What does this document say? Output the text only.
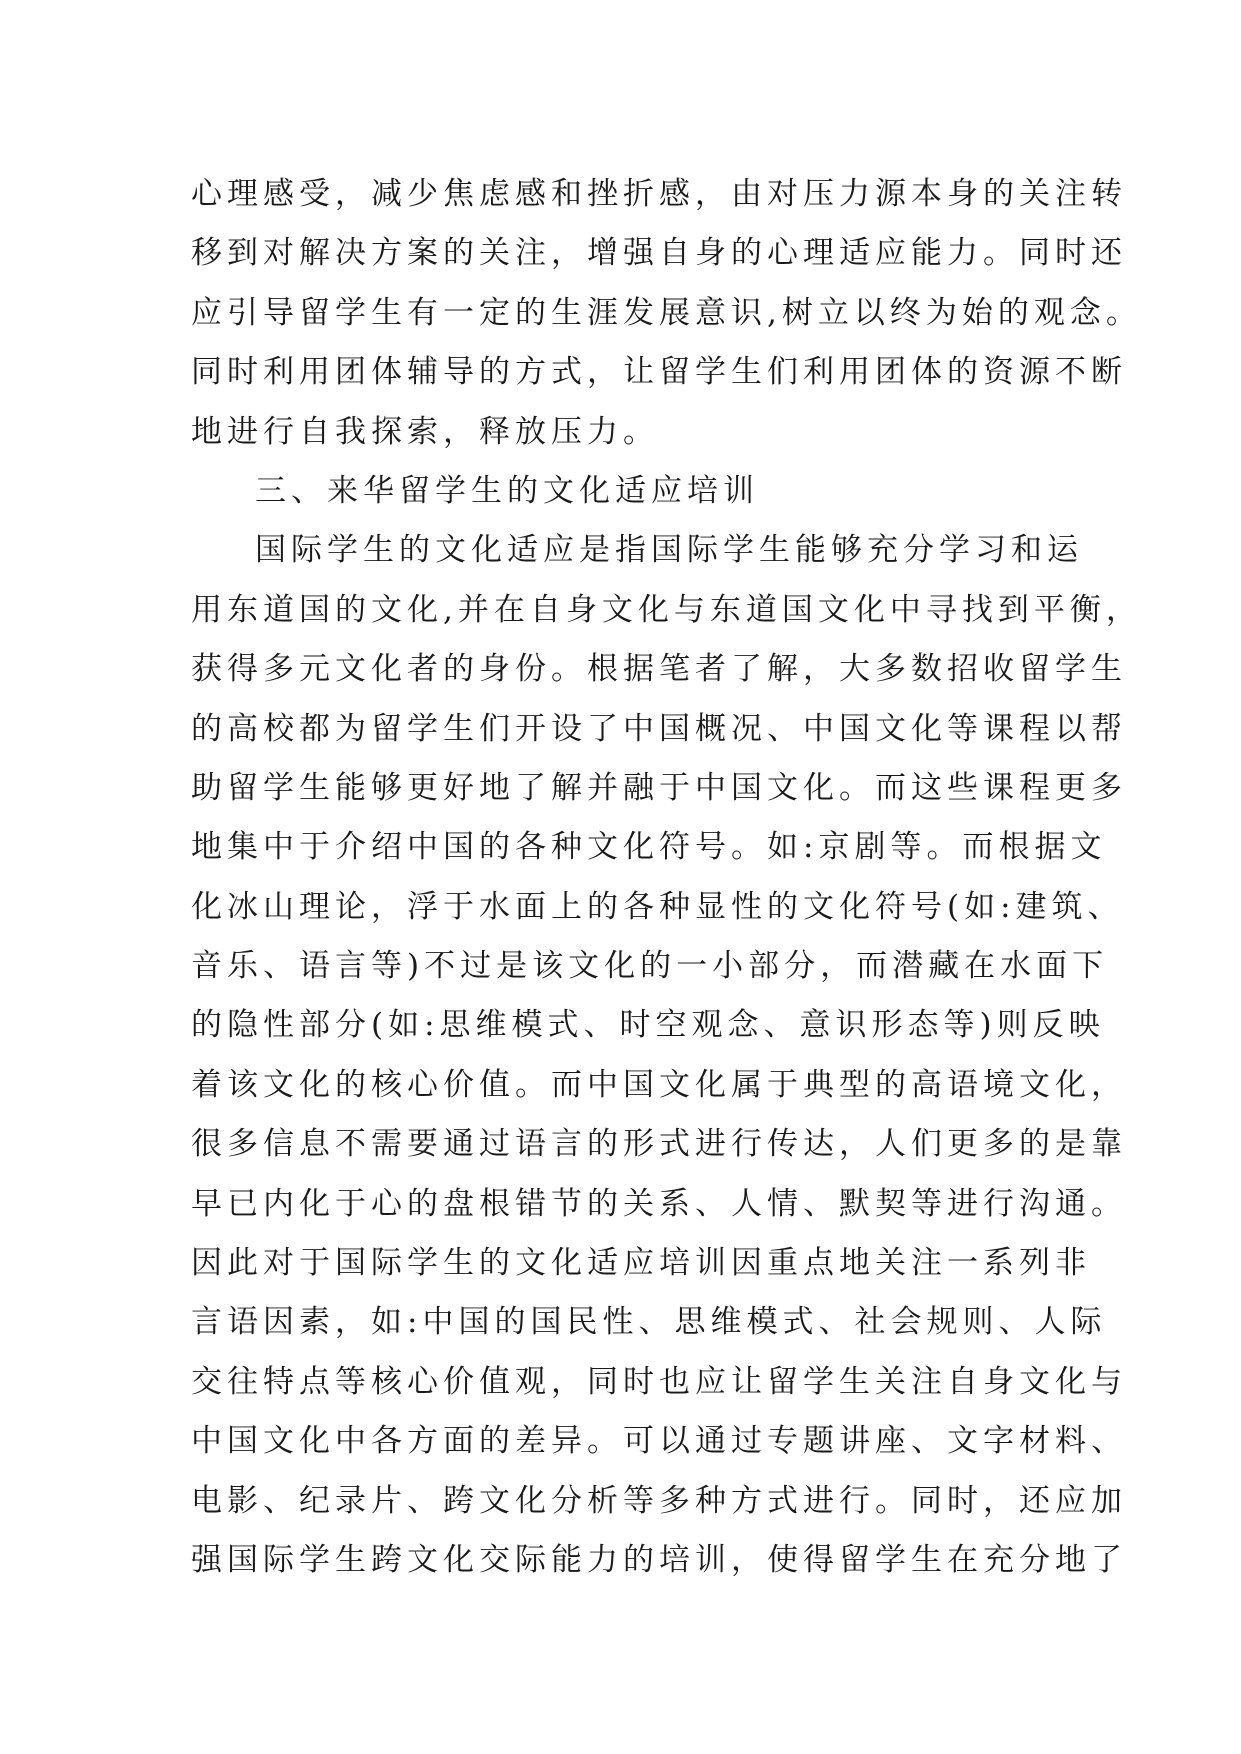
心理感受，减少焦虑感和挫折感，由对压力源本身的关注转
移到对解决方案的关注，增强自身的心理适应能力。同时还
应引导留学生有一定的生涯发展意识,树立以终为始的观念。
同时利用团体辅导的方式，让留学生们利用团体的资源不断
地进行自我探索，释放压力。
三、来华留学生的文化适应培训
国际学生的文化适应是指国际学生能够充分学习和运
用东道国的文化,并在自身文化与东道国文化中寻找到平衡，
获得多元文化者的身份。根据笔者了解，大多数招收留学生
的高校都为留学生们开设了中国概况、中国文化等课程以帮
助留学生能够更好地了解并融于中国文化。而这些课程更多
地集中于介绍中国的各种文化符号。如:京剧等。而根据文
化冰山理论，浮于水面上的各种显性的文化符号(如:建筑、
音乐、语言等)不过是该文化的一小部分，而潜藏在水面下
的隐性部分(如:思维模式、时空观念、意识形态等)则反映
着该文化的核心价值。而中国文化属于典型的高语境文化，
很多信息不需要通过语言的形式进行传达，人们更多的是靠
早已内化于心的盘根错节的关系、人情、默契等进行沟通。
因此对于国际学生的文化适应培训因重点地关注一系列非
言语因素，如:中国的国民性、思维模式、社会规则、人际
交往特点等核心价值观，同时也应让留学生关注自身文化与
中国文化中各方面的差异。可以通过专题讲座、文字材料、
电影、纪录片、跨文化分析等多种方式进行。同时，还应加
强国际学生跨文化交际能力的培训，使得留学生在充分地了
